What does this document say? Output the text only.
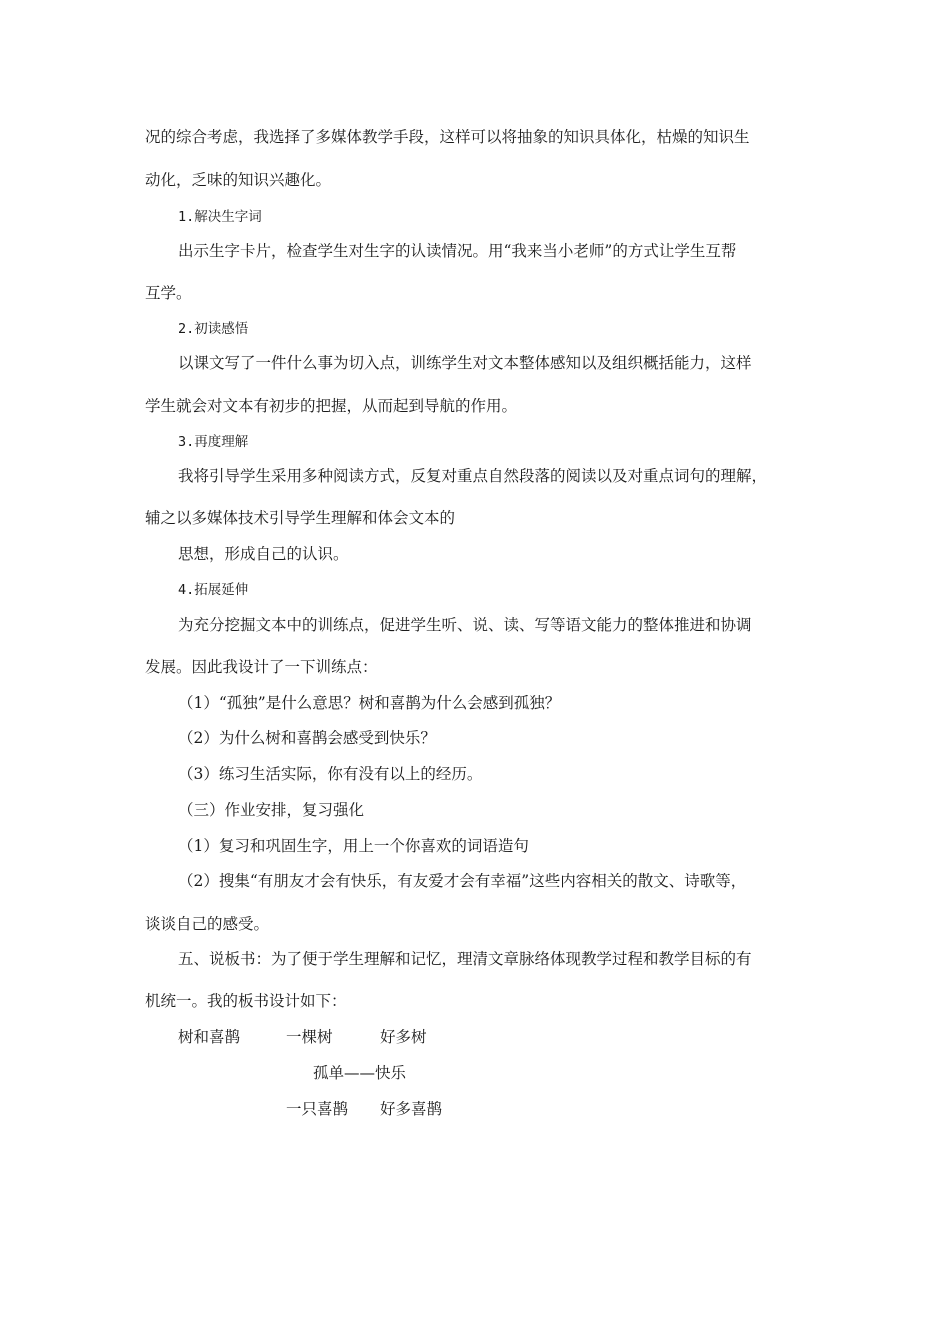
况的综合考虑，我选择了多媒体教学手段，这样可以将抽象的知识具体化，枯燥的知识生
动化，乏味的知识兴趣化。
1.解决生字词
出示生字卡片，检查学生对生字的认读情况。用“我来当小老师”的方式让学生互帮
互学。
2.初读感悟
以课文写了一件什么事为切入点，训练学生对文本整体感知以及组织概括能力，这样
学生就会对文本有初步的把握，从而起到导航的作用。
3.再度理解
我将引导学生采用多种阅读方式，反复对重点自然段落的阅读以及对重点词句的理解，
辅之以多媒体技术引导学生理解和体会文本的
思想，形成自己的认识。
4.拓展延伸
为充分挖掘文本中的训练点，促进学生听、说、读、写等语文能力的整体推进和协调
发展。因此我设计了一下训练点：
（1）“孤独”是什么意思？树和喜鹊为什么会感到孤独？
（2）为什么树和喜鹊会感受到快乐？
（3）练习生活实际，你有没有以上的经历。
（三）作业安排，复习强化
（1）复习和巩固生字，用上一个你喜欢的词语造句
（2）搜集“有朋友才会有快乐，有友爱才会有幸福”这些内容相关的散文、诗歌等，
谈谈自己的感受。
五、说板书：为了便于学生理解和记忆，理清文章脉络体现教学过程和教学目标的有
机统一。我的板书设计如下：
树和喜鹊	一棵树	好多树
孤单——快乐
一只喜鹊 好多喜鹊
